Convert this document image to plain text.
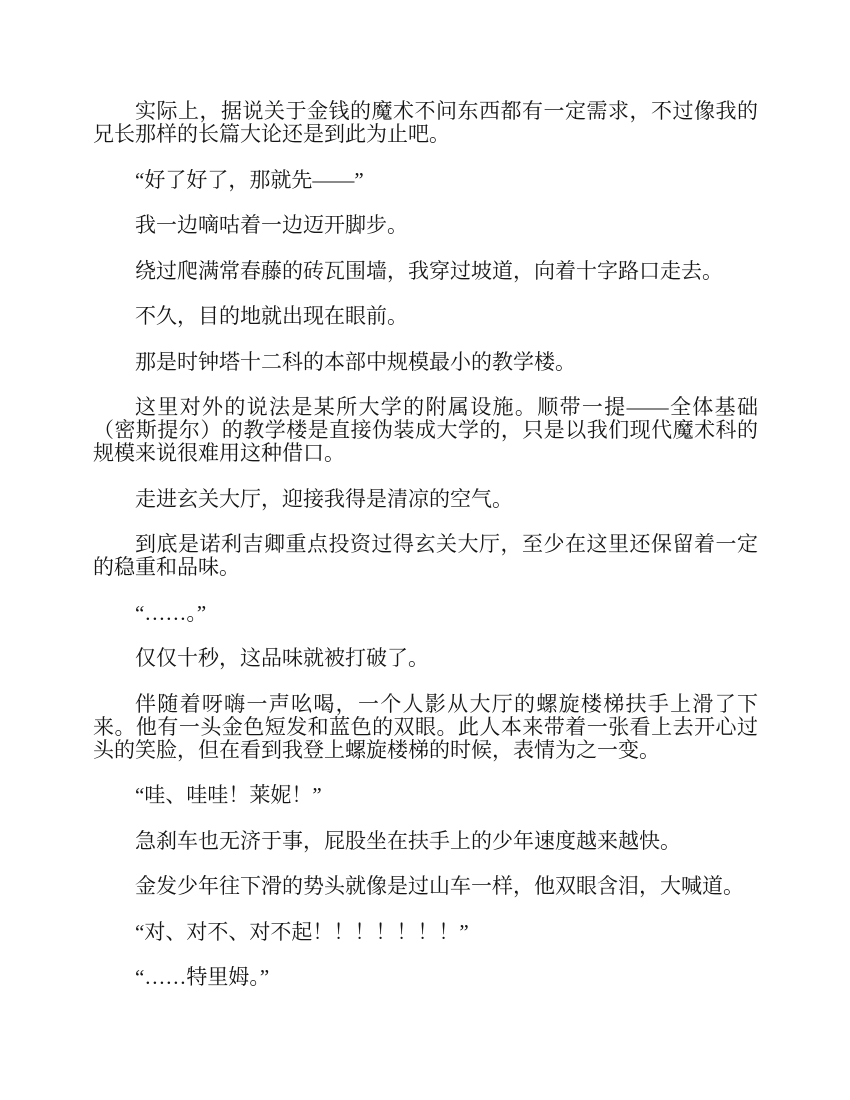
实际上，据说关于金钱的魔术不问东西都有一定需求，不过像我的兄长那样的长篇大论还是到此为止吧。

“好了好了，那就先——”

我一边嘀咕着一边迈开脚步。

绕过爬满常春藤的砖瓦围墙，我穿过坡道，向着十字路口走去。

不久，目的地就出现在眼前。

那是时钟塔十二科的本部中规模最小的教学楼。

这里对外的说法是某所大学的附属设施。顺带一提——全体基础（密斯提尔）的教学楼是直接伪装成大学的，只是以我们现代魔术科的规模来说很难用这种借口。

走进玄关大厅，迎接我得是清凉的空气。

到底是诺利吉卿重点投资过得玄关大厅，至少在这里还保留着一定的稳重和品味。

“……。”

仅仅十秒，这品味就被打破了。

伴随着呀嗨一声吆喝，一个人影从大厅的螺旋楼梯扶手上滑了下来。他有一头金色短发和蓝色的双眼。此人本来带着一张看上去开心过头的笑脸，但在看到我登上螺旋楼梯的时候，表情为之一变。

“哇、哇哇！莱妮！”

急刹车也无济于事，屁股坐在扶手上的少年速度越来越快。

金发少年往下滑的势头就像是过山车一样，他双眼含泪，大喊道。

“对、对不、对不起！！！！！！！”

“……特里姆。”
